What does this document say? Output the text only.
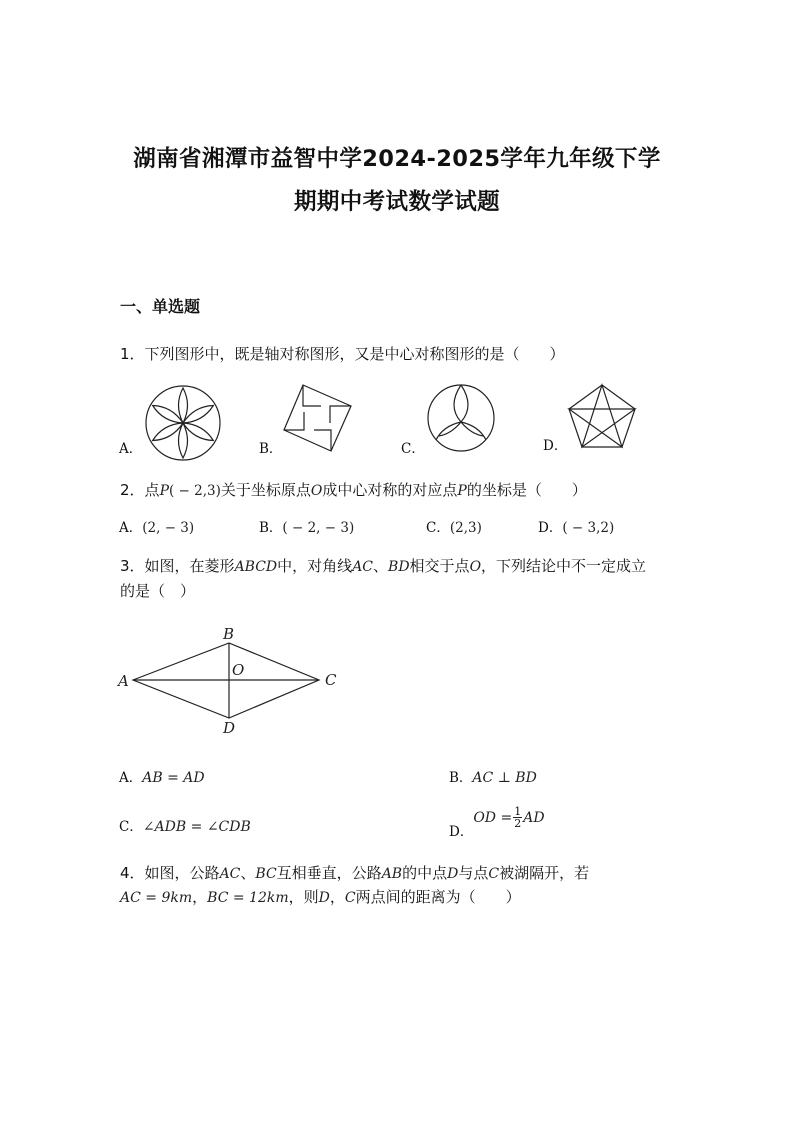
湖南省湘潭市益智中学2024-2025学年九年级下学
期期中考试数学试题
一、单选题
1．下列图形中，既是轴对称图形，又是中心对称图形的是（　　）
A．	B．	C．	D．
2．点P( − 2,3)关于坐标原点O成中心对称的对应点P的坐标是（　　）
A．(2, − 3)	B．( − 2, − 3)	C．(2,3)	D．( − 3,2)
3．如图，在菱形ABCD中，对角线AC、BD相交于点O，下列结论中不一定成立
的是（　）
A
B
C
D
O
A．AB = AD	B．AC ⊥ BD
C．∠ADB = ∠CDB	D．OD = $\frac{1}{2}$ AD
4．如图，公路AC、BC互相垂直，公路AB的中点D与点C被湖隔开，若
AC = 9km，BC = 12km，则D，C两点间的距离为（　　）
